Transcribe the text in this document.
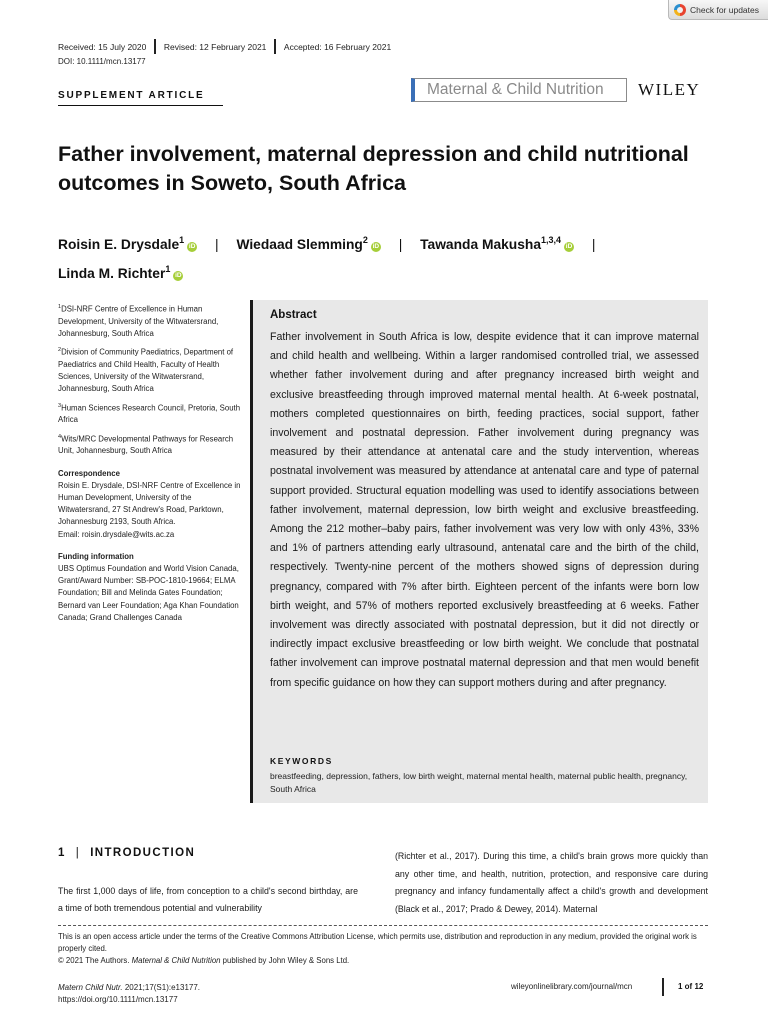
Check for updates
Received: 15 July 2020 Revised: 12 February 2021 Accepted: 16 February 2021
DOI: 10.1111/mcn.13177
SUPPLEMENT ARTICLE	Maternal & Child Nutrition WILEY
Father involvement, maternal depression and child nutritional outcomes in Soweto, South Africa
Roisin E. Drysdale$^1$iD | Wiedaad Slemming$^2$iD | Tawanda Makusha$^{1,3,4}$iD |
Linda M. Richter$^1$iD

$^1$DSI-NRF Centre of Excellence in Human Development, University of the Witwatersrand, Johannesburg, South Africa

$^2$Division of Community Paediatrics, Department of Paediatrics and Child Health, Faculty of Health Sciences, University of the Witwatersrand, Johannesburg, South Africa

$^3$Human Sciences Research Council, Pretoria, South Africa

$^4$Wits/MRC Developmental Pathways for Research Unit, Johannesburg, South Africa

Correspondence

Roisin E. Drysdale, DSI-NRF Centre of Excellence in Human Development, University of the Witwatersrand, 27 St Andrew's Road, Parktown, Johannesburg 2193, South Africa.
Email: roisin.drysdale@wits.ac.za

Funding information

UBS Optimus Foundation and World Vision Canada, Grant/Award Number: SB-POC-1810-19664; ELMA Foundation; Bill and Melinda Gates Foundation; Bernard van Leer Foundation; Aga Khan Foundation Canada; Grand Challenges Canada

Abstract

Father involvement in South Africa is low, despite evidence that it can improve maternal and child health and wellbeing. Within a larger randomised controlled trial, we assessed whether father involvement during and after pregnancy increased birth weight and exclusive breastfeeding through improved maternal mental health. At 6-week postnatal, mothers completed questionnaires on birth, feeding practices, social support, father involvement and postnatal depression. Father involvement during pregnancy was measured by their attendance at antenatal care and the study intervention, whereas postnatal involvement was measured by attendance at antenatal care and type of paternal support provided. Structural equation modelling was used to identify associations between father involvement, maternal depression, low birth weight and exclusive breastfeeding. Among the 212 mother–baby pairs, father involvement was very low with only 43%, 33% and 1% of partners attending early ultrasound, antenatal care and the birth of the child, respectively. Twenty-nine percent of the mothers showed signs of depression during pregnancy, compared with 7% after birth. Eighteen percent of the infants were born low birth weight, and 57% of mothers reported exclusively breastfeeding at 6 weeks. Father involvement was directly associated with postnatal depression, but it did not directly or indirectly impact exclusive breastfeeding or low birth weight. We conclude that postnatal father involvement can improve postnatal maternal depression and that men would benefit from specific guidance on how they can support mothers during and after pregnancy.

KEYWORDS
breastfeeding, depression, fathers, low birth weight, maternal mental health, maternal public health, pregnancy, South Africa
1 | INTRODUCTION
The first 1,000 days of life, from conception to a child's second birthday, are a time of both tremendous potential and vulnerability
(Richter et al., 2017). During this time, a child's brain grows more quickly than any other time, and health, nutrition, protection, and responsive care during pregnancy and infancy fundamentally affect a child's growth and development (Black et al., 2017; Prado & Dewey, 2014). Maternal
This is an open access article under the terms of the Creative Commons Attribution License, which permits use, distribution and reproduction in any medium, provided the original work is properly cited.
© 2021 The Authors. Maternal & Child Nutrition published by John Wiley & Sons Ltd.
Matern Child Nutr. 2021;17(S1):e13177.
https://doi.org/10.1111/mcn.13177
wileyonlinelibrary.com/journal/mcn	1 of 12
